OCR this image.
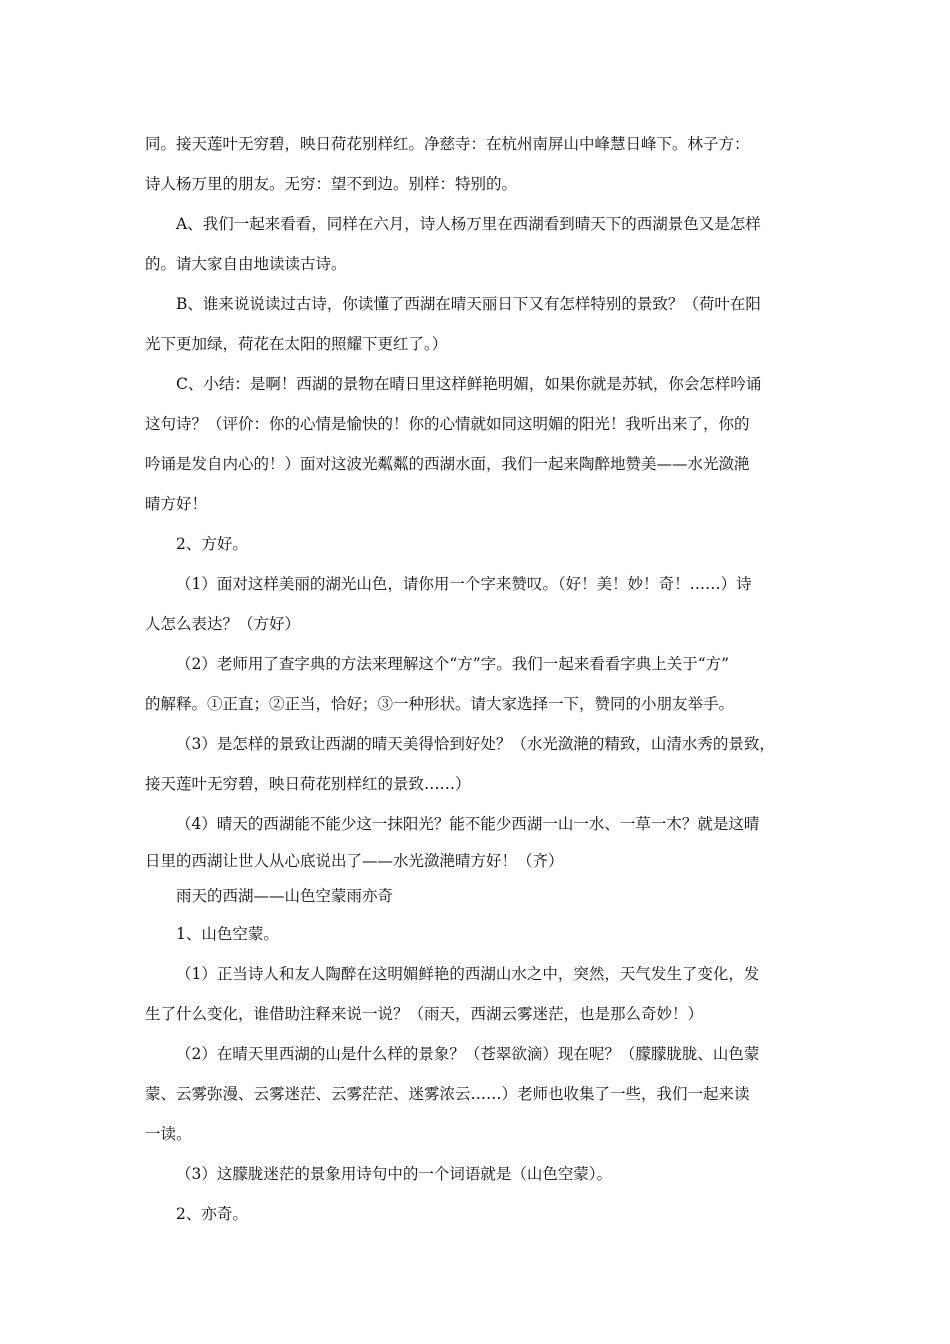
同。接天莲叶无穷碧，映日荷花别样红。净慈寺：在杭州南屏山中峰慧日峰下。林子方：
诗人杨万里的朋友。无穷：望不到边。别样：特别的。
A、我们一起来看看，同样在六月，诗人杨万里在西湖看到晴天下的西湖景色又是怎样
的。请大家自由地读读古诗。
B、谁来说说读过古诗，你读懂了西湖在晴天丽日下又有怎样特别的景致？（荷叶在阳
光下更加绿，荷花在太阳的照耀下更红了。）
C、小结：是啊！西湖的景物在晴日里这样鲜艳明媚，如果你就是苏轼，你会怎样吟诵
这句诗？（评价：你的心情是愉快的！你的心情就如同这明媚的阳光！我听出来了，你的
吟诵是发自内心的！）面对这波光粼粼的西湖水面，我们一起来陶醉地赞美——水光潋滟
晴方好！
2、方好。
（1）面对这样美丽的湖光山色，请你用一个字来赞叹。（好！美！妙！奇！……）诗
人怎么表达？（方好）
（2）老师用了查字典的方法来理解这个“方”字。我们一起来看看字典上关于“方”
的解释。①正直；②正当，恰好；③一种形状。请大家选择一下，赞同的小朋友举手。
（3）是怎样的景致让西湖的晴天美得恰到好处？（水光潋滟的精致，山清水秀的景致，
接天莲叶无穷碧，映日荷花别样红的景致……）
（4）晴天的西湖能不能少这一抹阳光？能不能少西湖一山一水、一草一木？就是这晴
日里的西湖让世人从心底说出了——水光潋滟晴方好！（齐）
雨天的西湖——山色空蒙雨亦奇
1、山色空蒙。
（1）正当诗人和友人陶醉在这明媚鲜艳的西湖山水之中，突然，天气发生了变化，发
生了什么变化，谁借助注释来说一说？（雨天，西湖云雾迷茫，也是那么奇妙！）
（2）在晴天里西湖的山是什么样的景象？（苍翠欲滴）现在呢？（朦朦胧胧、山色蒙
蒙、云雾弥漫、云雾迷茫、云雾茫茫、迷雾浓云……）老师也收集了一些，我们一起来读
一读。
（3）这朦胧迷茫的景象用诗句中的一个词语就是（山色空蒙）。
2、亦奇。
